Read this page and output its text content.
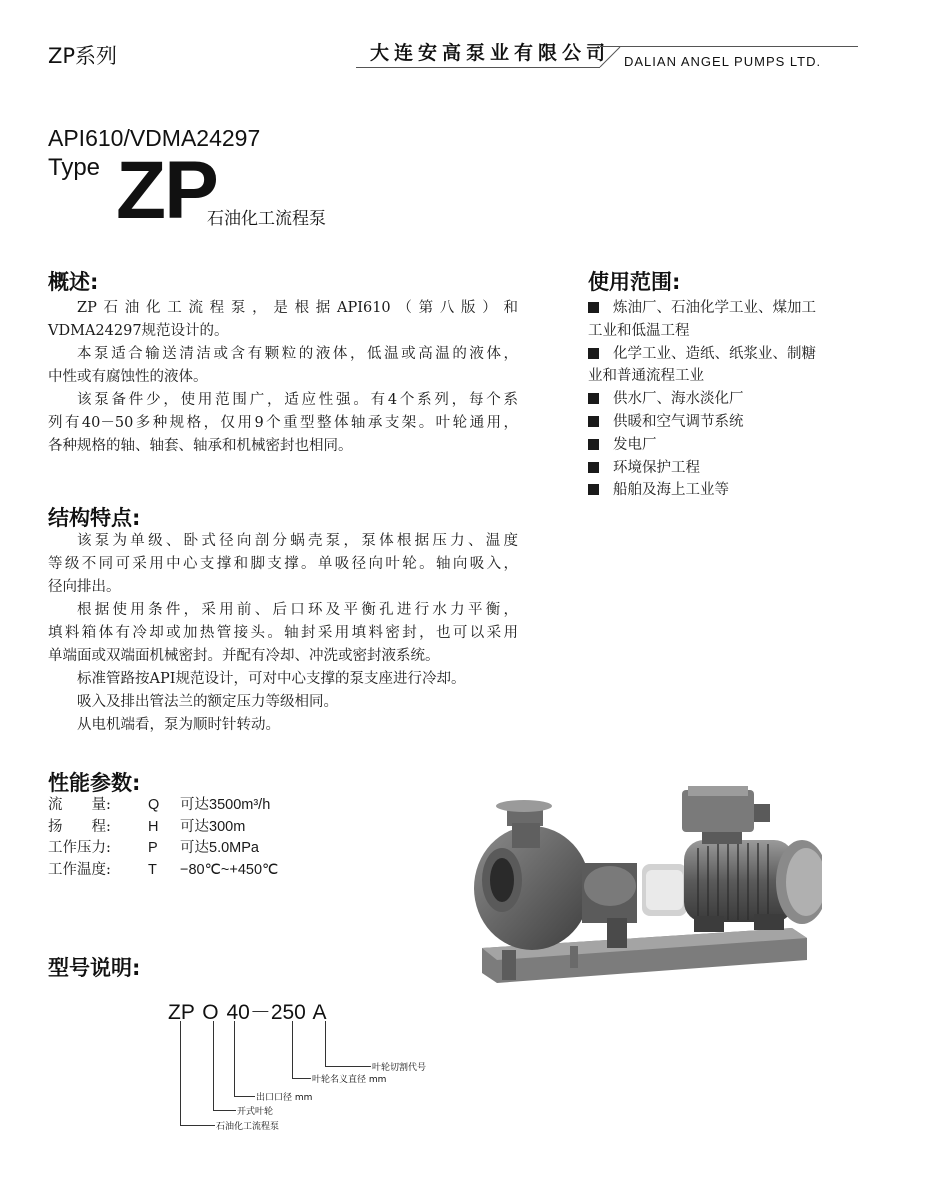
ZP系列	大连安高泵业有限公司 DALIAN ANGEL PUMPS LTD.
API610/VDMA24297
Type ZP
石油化工流程泵
概述:

ZP石油化工流程泵，是根据API610（第八版）和

VDMA24297规范设计的。

本泵适合输送清洁或含有颗粒的液体，低温或高温的液体，

中性或有腐蚀性的液体。

该泵备件少，使用范围广，适应性强。有4个系列，每个系

列有40－50多种规格，仅用9个重型整体轴承支架。叶轮通用，

各种规格的轴、轴套、轴承和机械密封也相同。

使用范围:

炼油厂、石油化学工业、煤加工

工业和低温工程

化学工业、造纸、纸浆业、制糖

业和普通流程工业

供水厂、海水淡化厂

供暖和空气调节系统

发电厂

环境保护工程

船舶及海上工业等

结构特点:

该泵为单级、卧式径向剖分蜗壳泵，泵体根据压力、温度

等级不同可采用中心支撑和脚支撑。单吸径向叶轮。轴向吸入，

径向排出。

根据使用条件，采用前、后口环及平衡孔进行水力平衡，

填料箱体有冷却或加热管接头。轴封采用填料密封，也可以采用

单端面或双端面机械密封。并配有冷却、冲洗或密封液系统。

标准管路按API规范设计，可对中心支撑的泵支座进行冷却。

吸入及排出管法兰的额定压力等级相同。

从电机端看，泵为顺时针转动。

性能参数:
流　　量:	Q 可达3500m³/h
扬　　程:	H 可达300m
工作压力:	P 可达5.0MPa
工作温度:	T −80℃~+450℃
型号说明:
ZP O 40－250 A
叶轮切割代号
叶轮名义直径 mm
出口口径 mm
开式叶轮
石油化工流程泵
